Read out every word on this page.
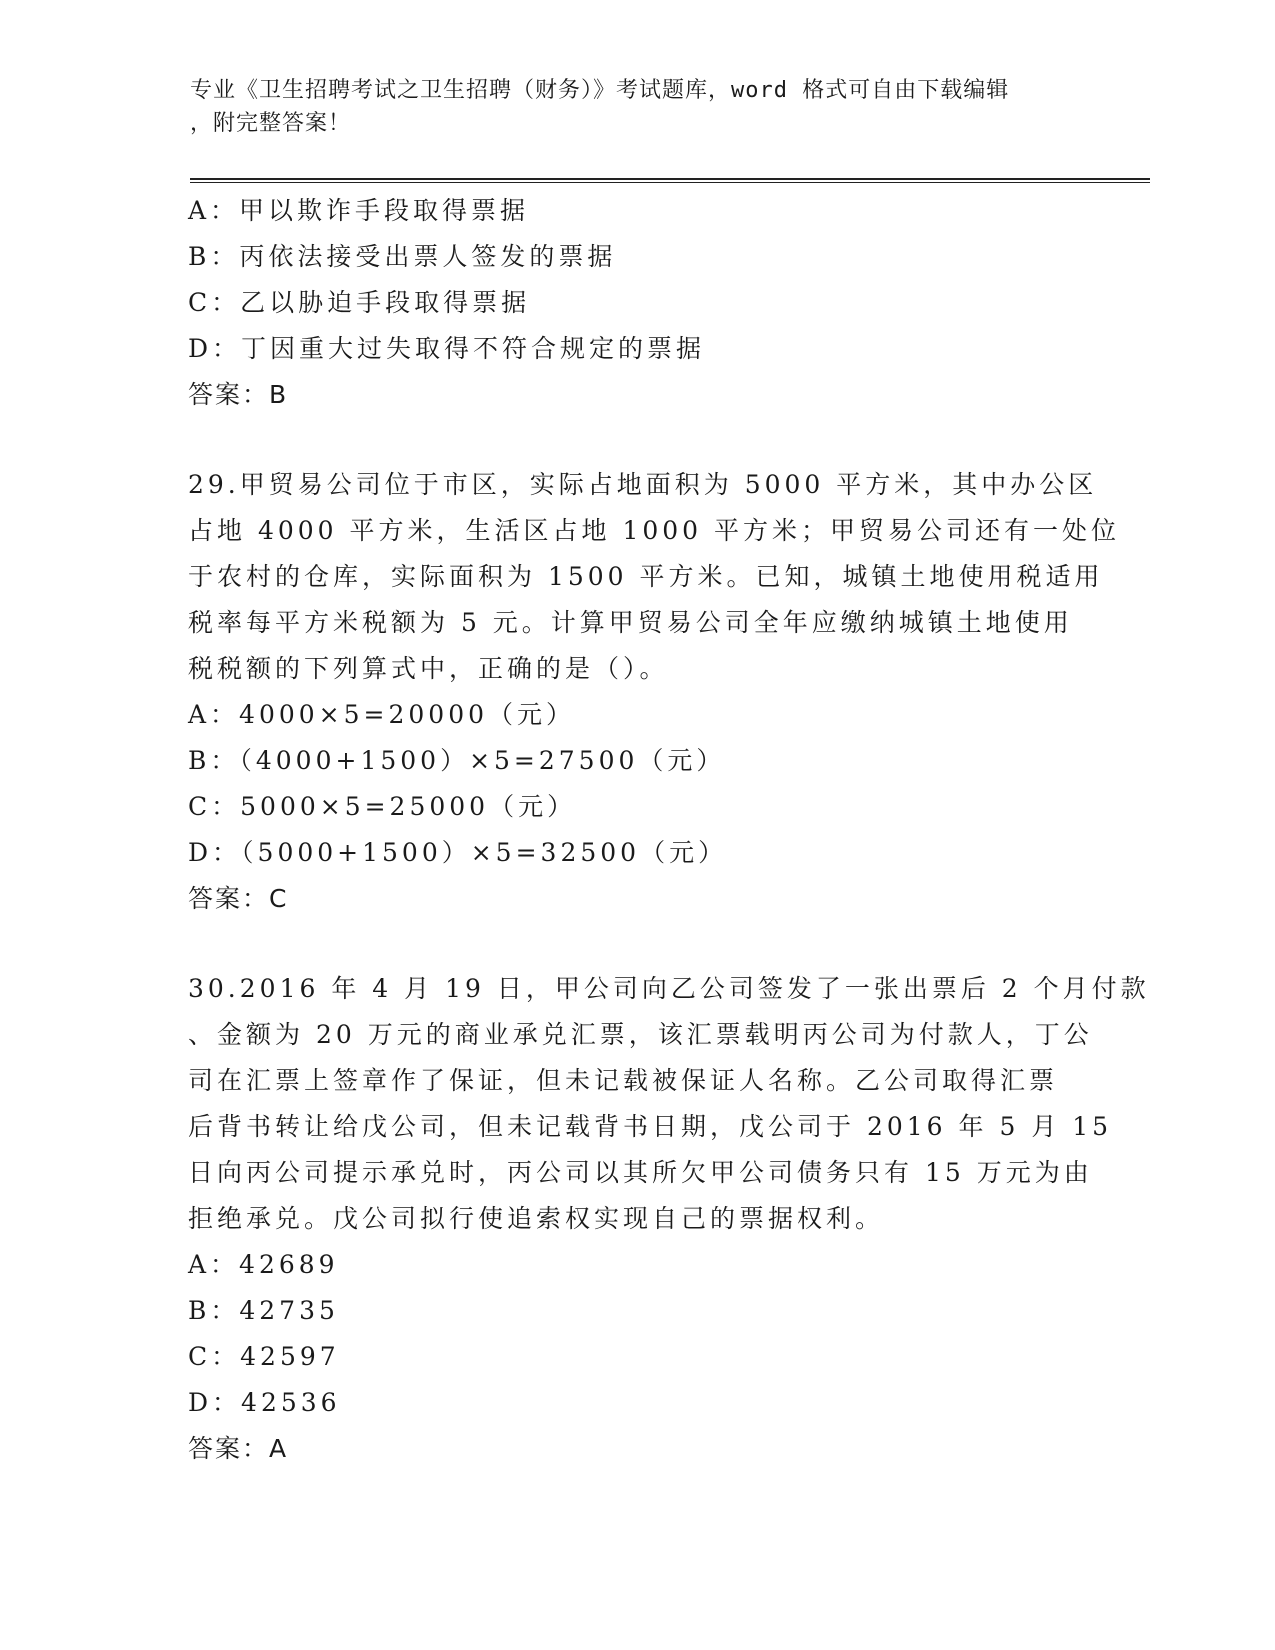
专业《卫生招聘考试之卫生招聘（财务）》考试题库，word 格式可自由下载编辑
，附完整答案！
A：甲以欺诈手段取得票据
B：丙依法接受出票人签发的票据
C：乙以胁迫手段取得票据
D：丁因重大过失取得不符合规定的票据
答案：B
29.甲贸易公司位于市区，实际占地面积为 5000 平方米，其中办公区
占地 4000 平方米，生活区占地 1000 平方米；甲贸易公司还有一处位
于农村的仓库，实际面积为 1500 平方米。已知，城镇土地使用税适用
税率每平方米税额为 5 元。计算甲贸易公司全年应缴纳城镇土地使用
税税额的下列算式中，正确的是（）。
A：4000×5=20000（元）
B：（4000+1500）×5=27500（元）
C：5000×5=25000（元）
D：（5000+1500）×5=32500（元）
答案：C
30.2016 年 4 月 19 日，甲公司向乙公司签发了一张出票后 2 个月付款
、金额为 20 万元的商业承兑汇票，该汇票载明丙公司为付款人，丁公
司在汇票上签章作了保证，但未记载被保证人名称。乙公司取得汇票
后背书转让给戊公司，但未记载背书日期，戊公司于 2016 年 5 月 15
日向丙公司提示承兑时，丙公司以其所欠甲公司债务只有 15 万元为由
拒绝承兑。戊公司拟行使追索权实现自己的票据权利。
A：42689
B：42735
C：42597
D：42536
答案：A
